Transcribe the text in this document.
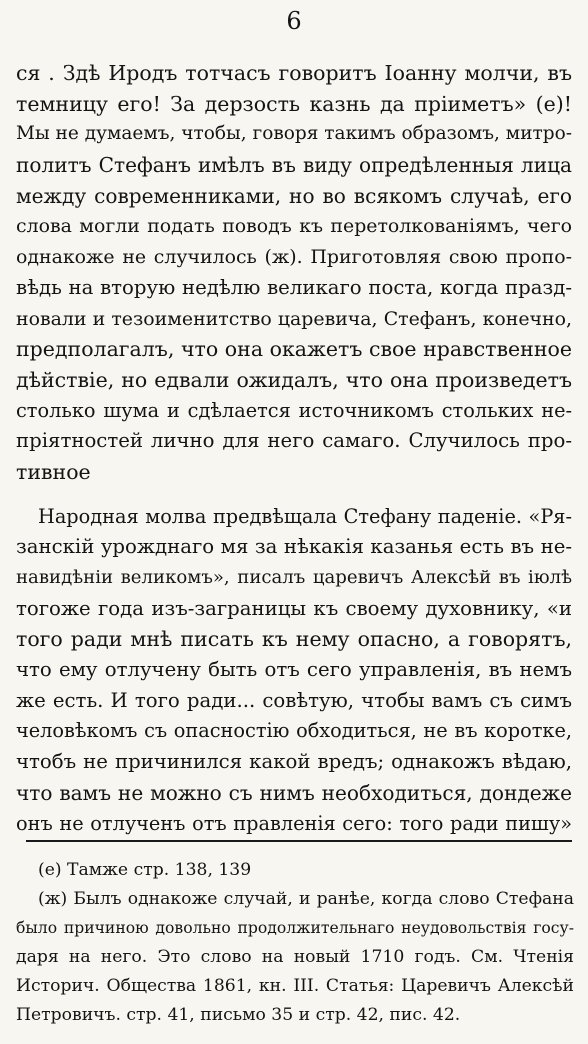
6
ся . Здѣ Иродъ тотчасъ говоритъ Іоанну молчи, въ
темницу его! За дерзость казнь да пріиметъ» (е)!
Мы не думаемъ, чтобы, говоря такимъ образомъ, митро-
политъ Стефанъ имѣлъ въ виду опредѣленныя лица
между современниками, но во всякомъ случаѣ, его
слова могли подать поводъ къ перетолкованіямъ, чего
однакоже не случилось (ж). Приготовляя свою пропо-
вѣдь на вторую недѣлю великаго поста, когда празд-
новали и тезоименитство царевича, Стефанъ, конечно,
предполагалъ, что она окажетъ свое нравственное
дѣйствіе, но едвали ожидалъ, что она произведетъ
столько шума и сдѣлается источникомъ стольких не-
пріятностей лично для него самаго. Случилось про-
тивное
Народная молва предвѣщала Стефану паденіе. «Ря-
занскій урожднаго мя за нѣкакія казанья есть въ не-
навидѣніи великомъ», писалъ царевичъ Алексѣй въ іюлѣ
тогоже года изъ-заграницы къ своему духовнику, «и
того ради мнѣ писать къ нему опасно, а говорятъ,
что ему отлучену быть отъ сего управленія, въ немъ
же есть. И того ради... совѣтую, чтобы вамъ съ симъ
человѣкомъ съ опасностію обходиться, не въ коротке,
чтобъ не причинился какой вредъ; однакожъ вѣдаю,
что вамъ не можно съ нимъ необходиться, дондеже
онъ не отлученъ отъ правленія сего: того ради пишу»
(е) Тамже стр. 138, 139
(ж) Былъ однакоже случай, и ранѣе, когда слово Стефана
было причиною довольно продолжительнаго неудовольствія госу-
даря на него. Это слово на новый 1710 годъ. См. Чтенія
Историч. Общества 1861, кн. III. Статья: Царевичъ Алексѣй
Петровичъ. стр. 41, письмо 35 и стр. 42, пис. 42.
